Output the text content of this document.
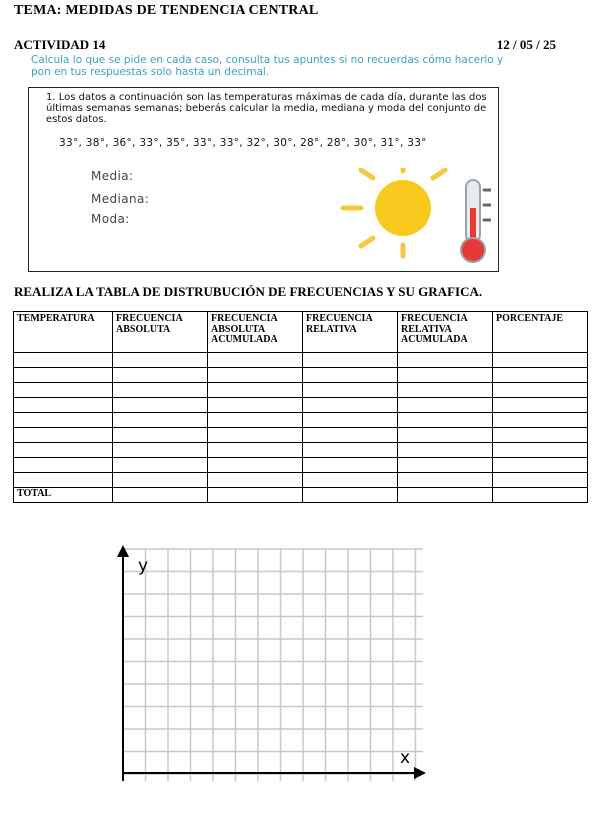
TEMA: MEDIDAS DE TENDENCIA CENTRAL
ACTIVIDAD 14	12 / 05 / 25
Calcula lo que se pide en cada caso, consulta tus apuntes si no recuerdas cómo hacerlo y pon en tus respuestas solo hasta un decimal.
1. Los datos a continuación son las temperaturas máximas de cada día, durante las dos últimas semanas semanas; beberás calcular la media, mediana y moda del conjunto de estos datos.
33°, 38°, 36°, 33°, 35°, 33°, 33°, 32°, 30°, 28°, 28°, 30°, 31°, 33°
Media:
Mediana:
Moda:
REALIZA LA TABLA DE DISTRUBUCIÓN DE FRECUENCIAS Y SU GRAFICA.
TEMPERATURA	FRECUENCIA ABSOLUTA	FRECUENCIA ABSOLUTA ACUMULADA	FRECUENCIA RELATIVA	FRECUENCIA RELATIVA ACUMULADA	PORCENTAJE

TOTAL					
y
x
